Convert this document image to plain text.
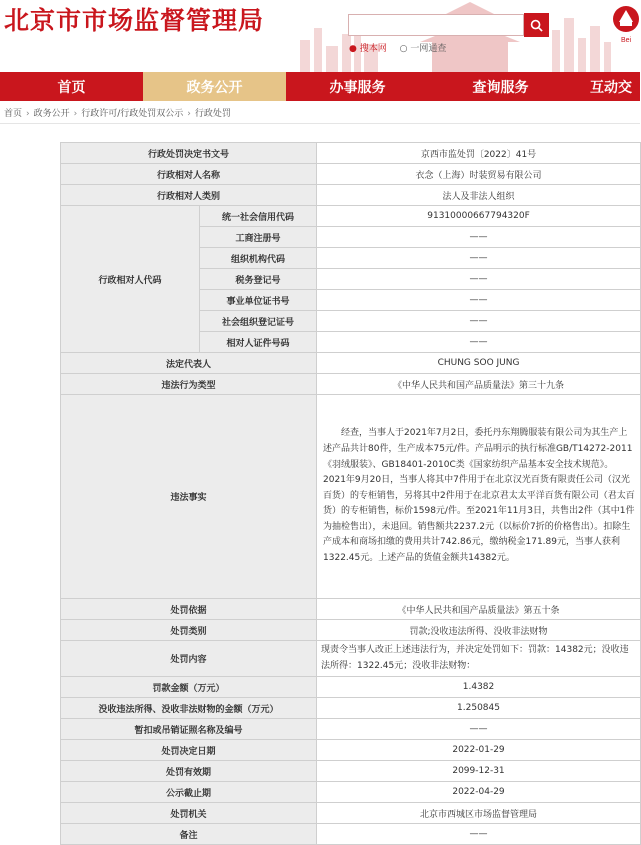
北京市市场监督管理局
● 搜本网 ○ 一网通查
Bei
首页	政务公开	办事服务	查询服务	互动交
首页 › 政务公开 › 行政许可/行政处罚双公示 › 行政处罚
行政处罚决定书文号		京西市监处罚〔2022〕41号
行政相对人名称		衣念（上海）时装贸易有限公司
行政相对人类别		法人及非法人组织
行政相对人代码	统一社会信用代码	91310000667794320F
	工商注册号	——
	组织机构代码	——
	税务登记号	——
	事业单位证书号	——
	社会组织登记证号	——
	相对人证件号码	——
法定代表人		CHUNG SOO JUNG
违法行为类型		《中华人民共和国产品质量法》第三十九条
违法事实		经查，当事人于2021年7月2日，委托丹东翔腾服装有限公司为其生产上述产品共计80件，生产成本75元/件。产品明示的执行标准GB/T14272-2011《羽绒服装》、GB18401-2010C类《国家纺织产品基本安全技术规范》。2021年9月20日，当事人将其中7件用于在北京汉光百货有限责任公司（汉光百货）的专柜销售，另将其中2件用于在北京君太太平洋百货有限公司（君太百货）的专柜销售，标价1598元/件。至2021年11月3日，共售出2件（其中1件为抽检售出），未退回。销售额共2237.2元（以标价7折的价格售出）。扣除生产成本和商场扣缴的费用共计742.86元，缴纳税金171.89元，当事人获利1322.45元。上述产品的货值金额共14382元。
处罚依据		《中华人民共和国产品质量法》第五十条
处罚类别		罚款;没收违法所得、没收非法财物
处罚内容		现责令当事人改正上述违法行为，并决定处罚如下：罚款：14382元；没收违法所得：1322.45元；没收非法财物：
罚款金额（万元）		1.4382
没收违法所得、没收非法财物的金额（万元）		1.250845
暂扣或吊销证照名称及编号		——
处罚决定日期		2022-01-29
处罚有效期		2099-12-31
公示截止期		2022-04-29
处罚机关		北京市西城区市场监督管理局
备注		——
